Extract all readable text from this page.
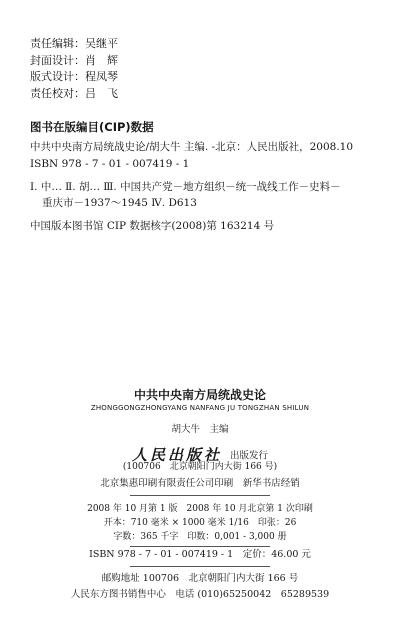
责任编辑：吴继平
封面设计：肖　辉
版式设计：程凤琴
责任校对：吕　飞
图书在版编目(CIP)数据
中共中央南方局统战史论/胡大牛 主编. -北京：人民出版社，2008.10
ISBN 978 - 7 - 01 - 007419 - 1
Ⅰ. 中… Ⅱ. 胡… Ⅲ. 中国共产党－地方组织－统一战线工作－史料－
重庆市－1937～1945 Ⅳ. D613
中国版本图书馆 CIP 数据核字(2008)第 163214 号
中共中央南方局统战史论
ZHONGGONGZHONGYANG NANFANG JU TONGZHAN SHILUN
胡大牛　主编
人民出版社 出版发行
(100706　北京朝阳门内大街 166 号)
北京集惠印刷有限责任公司印刷　新华书店经销
2008 年 10 月第 1 版　2008 年 10 月北京第 1 次印刷
开本：710 毫米 × 1000 毫米 1/16　印张：26
字数：365 千字　印数：0,001 - 3,000 册
ISBN 978 - 7 - 01 - 007419 - 1　定价：46.00 元
邮购地址 100706　北京朝阳门内大街 166 号
人民东方图书销售中心　电话 (010)65250042　65289539
